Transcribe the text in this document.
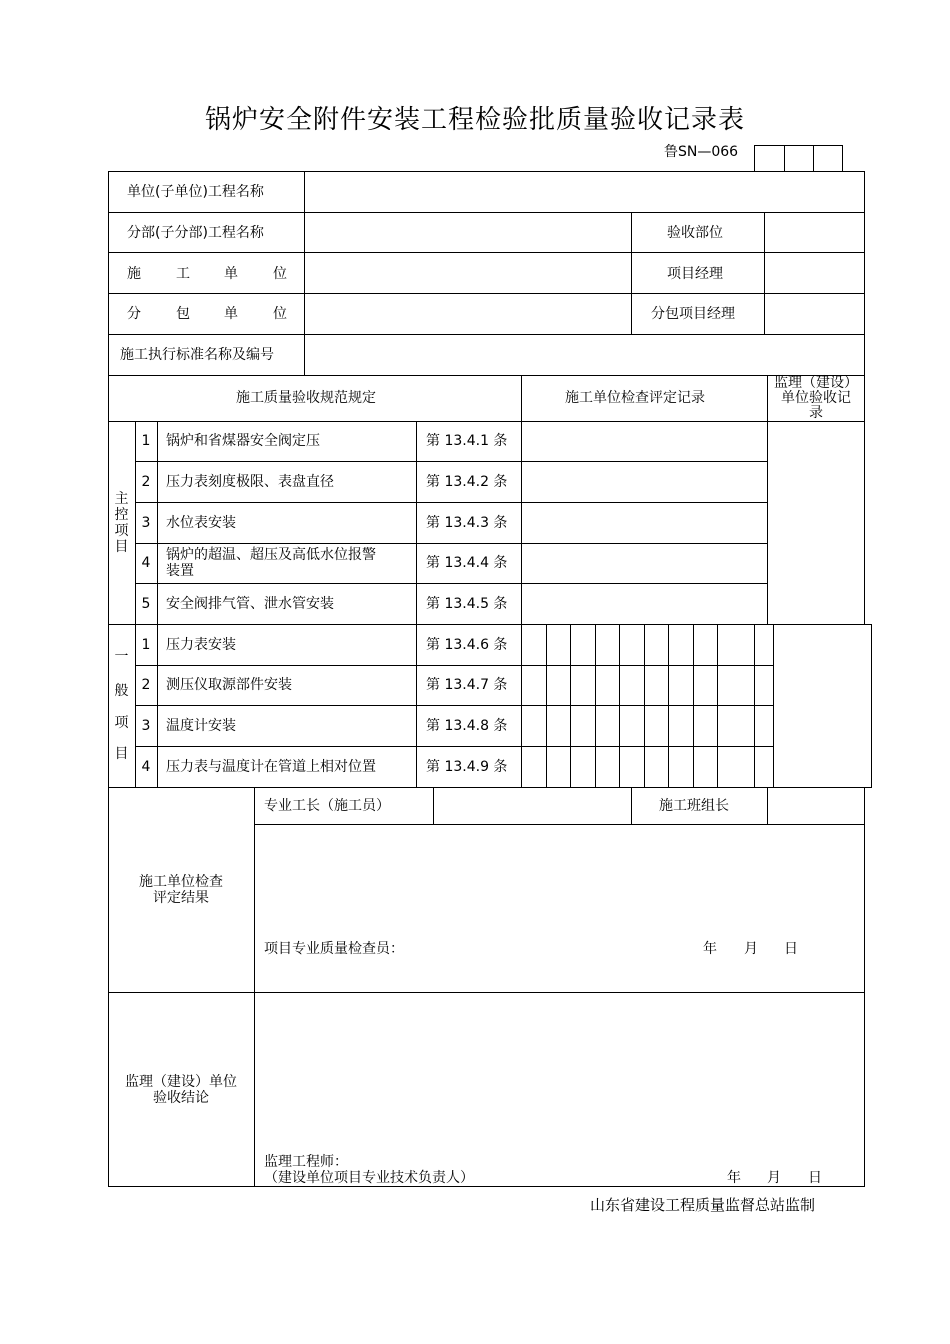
锅炉安全附件安装工程检验批质量验收记录表
鲁SN—066
单位(子单位)工程名称
分部(子分部)工程名称	验收部位
施	工 单	位	项目经理
分	包 单	位	分包项目经理
施工执行标准名称及编号
施工质量验收规范规定	施工单位检查评定记录
监理（建设）
单位验收记
录
主
控
项
目
1	锅炉和省煤器安全阀定压	第 13.4.1 条
2	压力表刻度极限、表盘直径	第 13.4.2 条
3	水位表安装	第 13.4.3 条
4	锅炉的超温、超压及高低水位报警
装置	第 13.4.4 条
5	安全阀排气管、泄水管安装	第 13.4.5 条
一
般
项
目
1	压力表安装	第 13.4.6 条
2	测压仪取源部件安装	第 13.4.7 条
3	温度计安装	第 13.4.8 条
4	压力表与温度计在管道上相对位置	第 13.4.9 条
专业工长（施工员）	施工班组长
施工单位检查
评定结果
项目专业质量检查员：	年 月 日
监理（建设）单位
验收结论
监理工程师：
（建设单位项目专业技术负责人）	年 月 日
山东省建设工程质量监督总站监制
